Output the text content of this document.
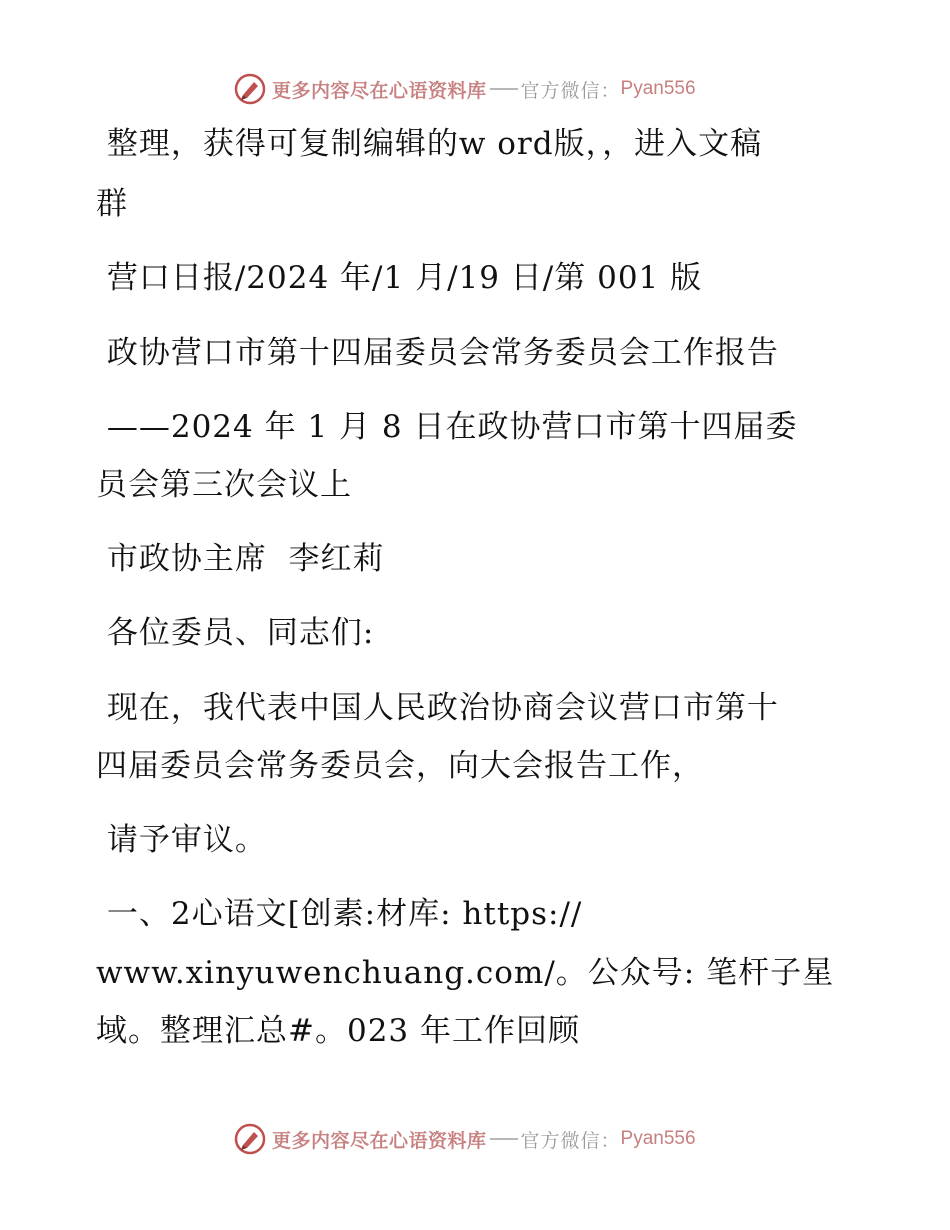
更多内容尽在心语资料库 官方微信： Pyan556
整理，获得可复制编辑的w ord版，，进入文稿
群
营口日报/2024 年/1 月/19 日/第 001 版
政协营口市第十四届委员会常务委员会工作报告
——2024 年 1 月 8 日在政协营口市第十四届委
员会第三次会议上
市政协主席  李红莉
各位委员、同志们:
现在，我代表中国人民政治协商会议营口市第十
四届委员会常务委员会，向大会报告工作，
请予审议。
一、2心语文[创素:材库: https://
www.xinyuwenchuang.com/。公众号: 笔杆子星
域。整理汇总#。023 年工作回顾
更多内容尽在心语资料库 官方微信： Pyan556
